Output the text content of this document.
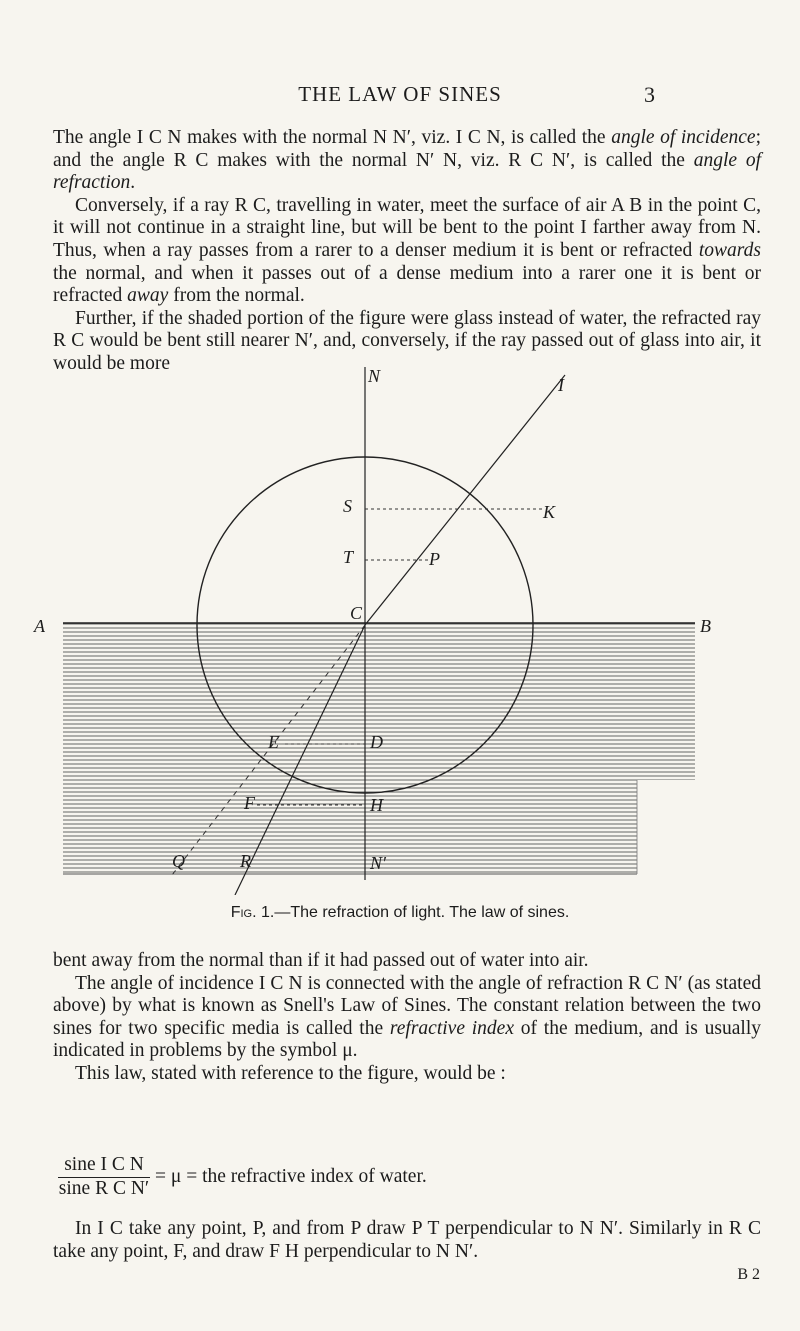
THE LAW OF SINES	3

The angle I C N makes with the normal N N′, viz. I C N, is called the angle of incidence; and the angle R C makes with the normal N′ N, viz. R C N′, is called the angle of refraction.

Conversely, if a ray R C, travelling in water, meet the surface of air A B in the point C, it will not continue in a straight line, but will be bent to the point I farther away from N. Thus, when a ray passes from a rarer to a denser medium it is bent or refracted towards the normal, and when it passes out of a dense medium into a rarer one it is bent or refracted away from the normal.

Further, if the shaded portion of the figure were glass instead of water, the refracted ray R C would be bent still nearer N′, and, conversely, if the ray passed out of glass into air, it would be more

N	I
S	K
T	P
C
A	B
E	D
F	H
Q	R	N′
Fig. 1.—The refraction of light. The law of sines.

bent away from the normal than if it had passed out of water into air.

The angle of incidence I C N is connected with the angle of refraction R C N′ (as stated above) by what is known as Snell's Law of Sines. The constant relation between the two sines for two specific media is called the refractive index of the medium, and is usually indicated in problems by the symbol μ.

This law, stated with reference to the figure, would be :

$\frac{\text{sine I C N}}{\text{sine R C N′}} = \mu$ = the refractive index of water.

In I C take any point, P, and from P draw P T perpendicular to N N′. Similarly in R C take any point, F, and draw F H perpendicular to N N′.

B 2
